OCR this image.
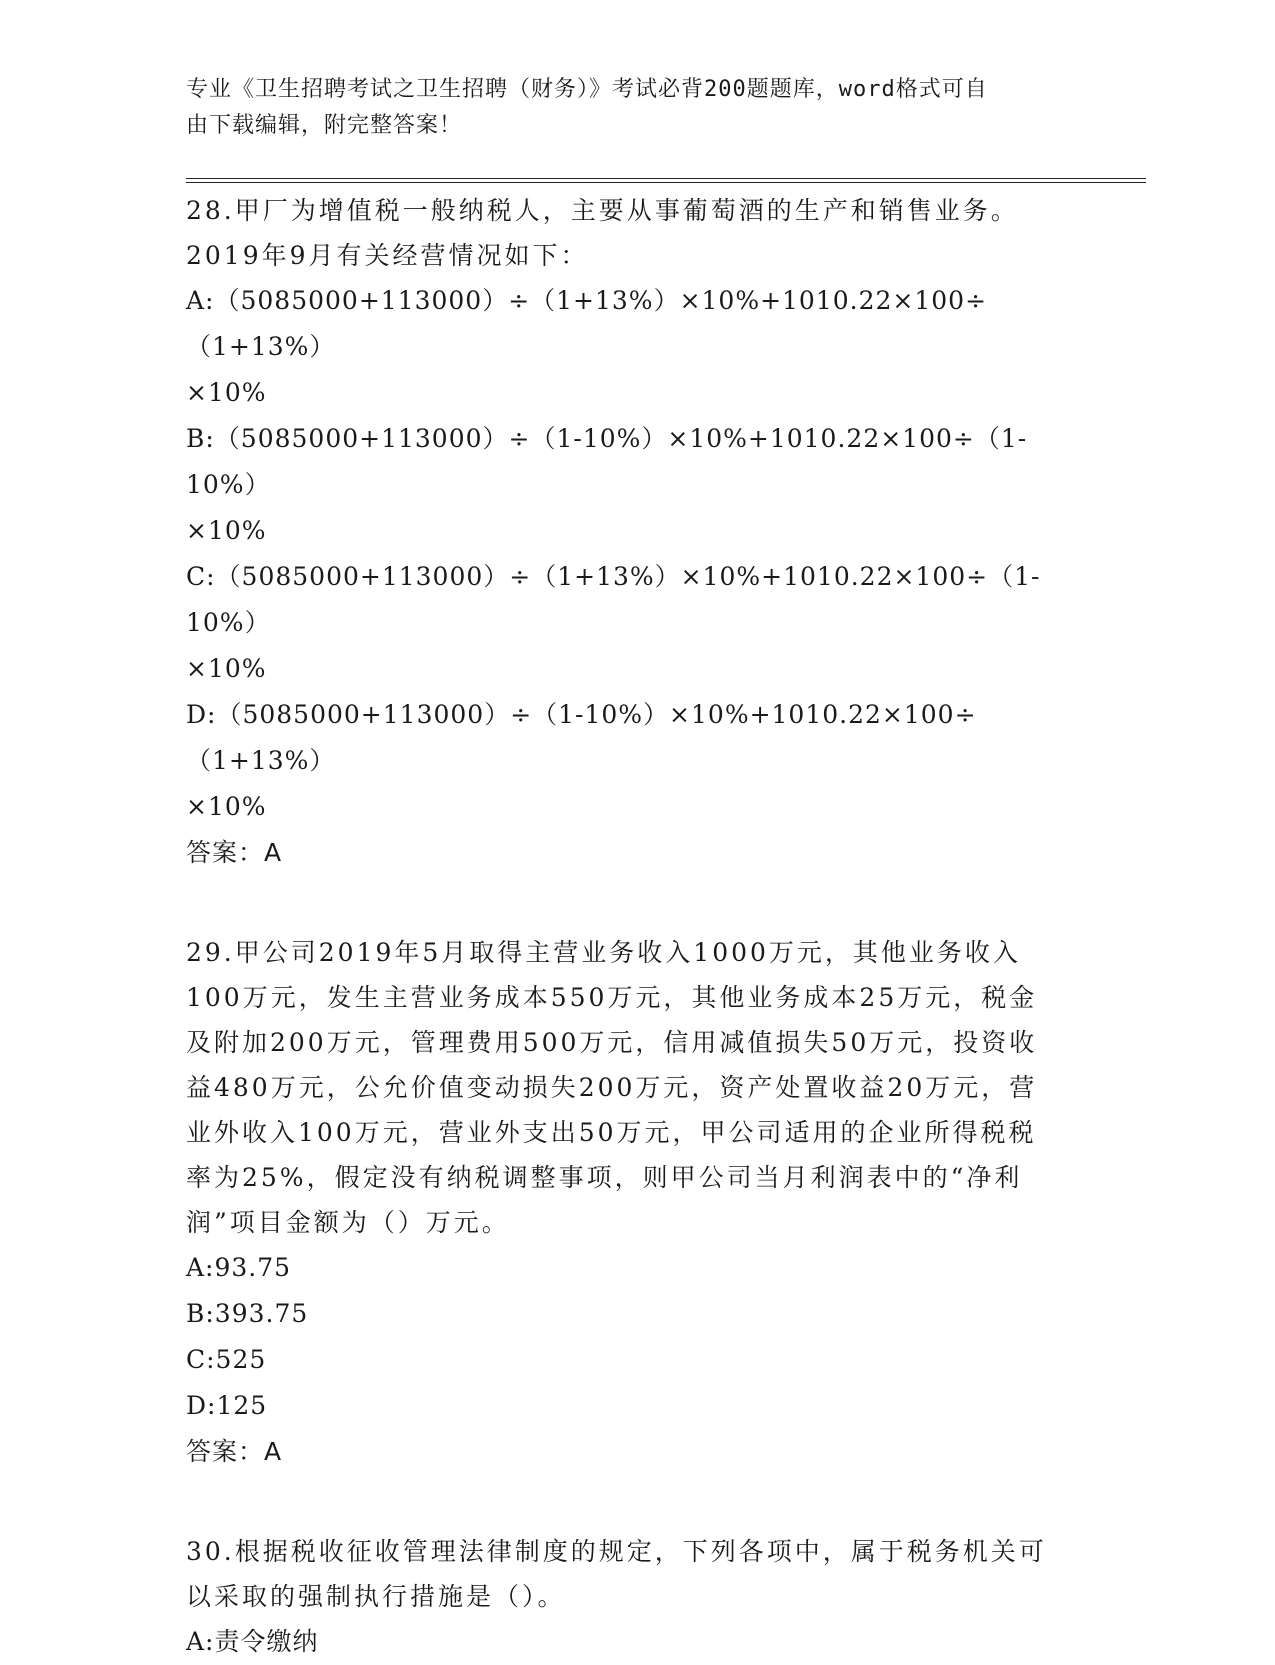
专业《卫生招聘考试之卫生招聘（财务）》考试必背200题题库，word格式可自
由下载编辑，附完整答案！
28.甲厂为增值税一般纳税人，主要从事葡萄酒的生产和销售业务。
2019年9月有关经营情况如下：
A:（5085000+113000）÷（1+13%）×10%+1010.22×100÷（1+13%）
×10%
B:（5085000+113000）÷（1-10%）×10%+1010.22×100÷（1-10%）
×10%
C:（5085000+113000）÷（1+13%）×10%+1010.22×100÷（1-10%）
×10%
D:（5085000+113000）÷（1-10%）×10%+1010.22×100÷（1+13%）
×10%
答案：A
29.甲公司2019年5月取得主营业务收入1000万元，其他业务收入
100万元，发生主营业务成本550万元，其他业务成本25万元，税金
及附加200万元，管理费用500万元，信用减值损失50万元，投资收
益480万元，公允价值变动损失200万元，资产处置收益20万元，营
业外收入100万元，营业外支出50万元，甲公司适用的企业所得税税
率为25%，假定没有纳税调整事项，则甲公司当月利润表中的“净利
润”项目金额为（）万元。
A:93.75
B:393.75
C:525
D:125
答案：A
30.根据税收征收管理法律制度的规定，下列各项中，属于税务机关可
以采取的强制执行措施是（）。
A:责令缴纳
